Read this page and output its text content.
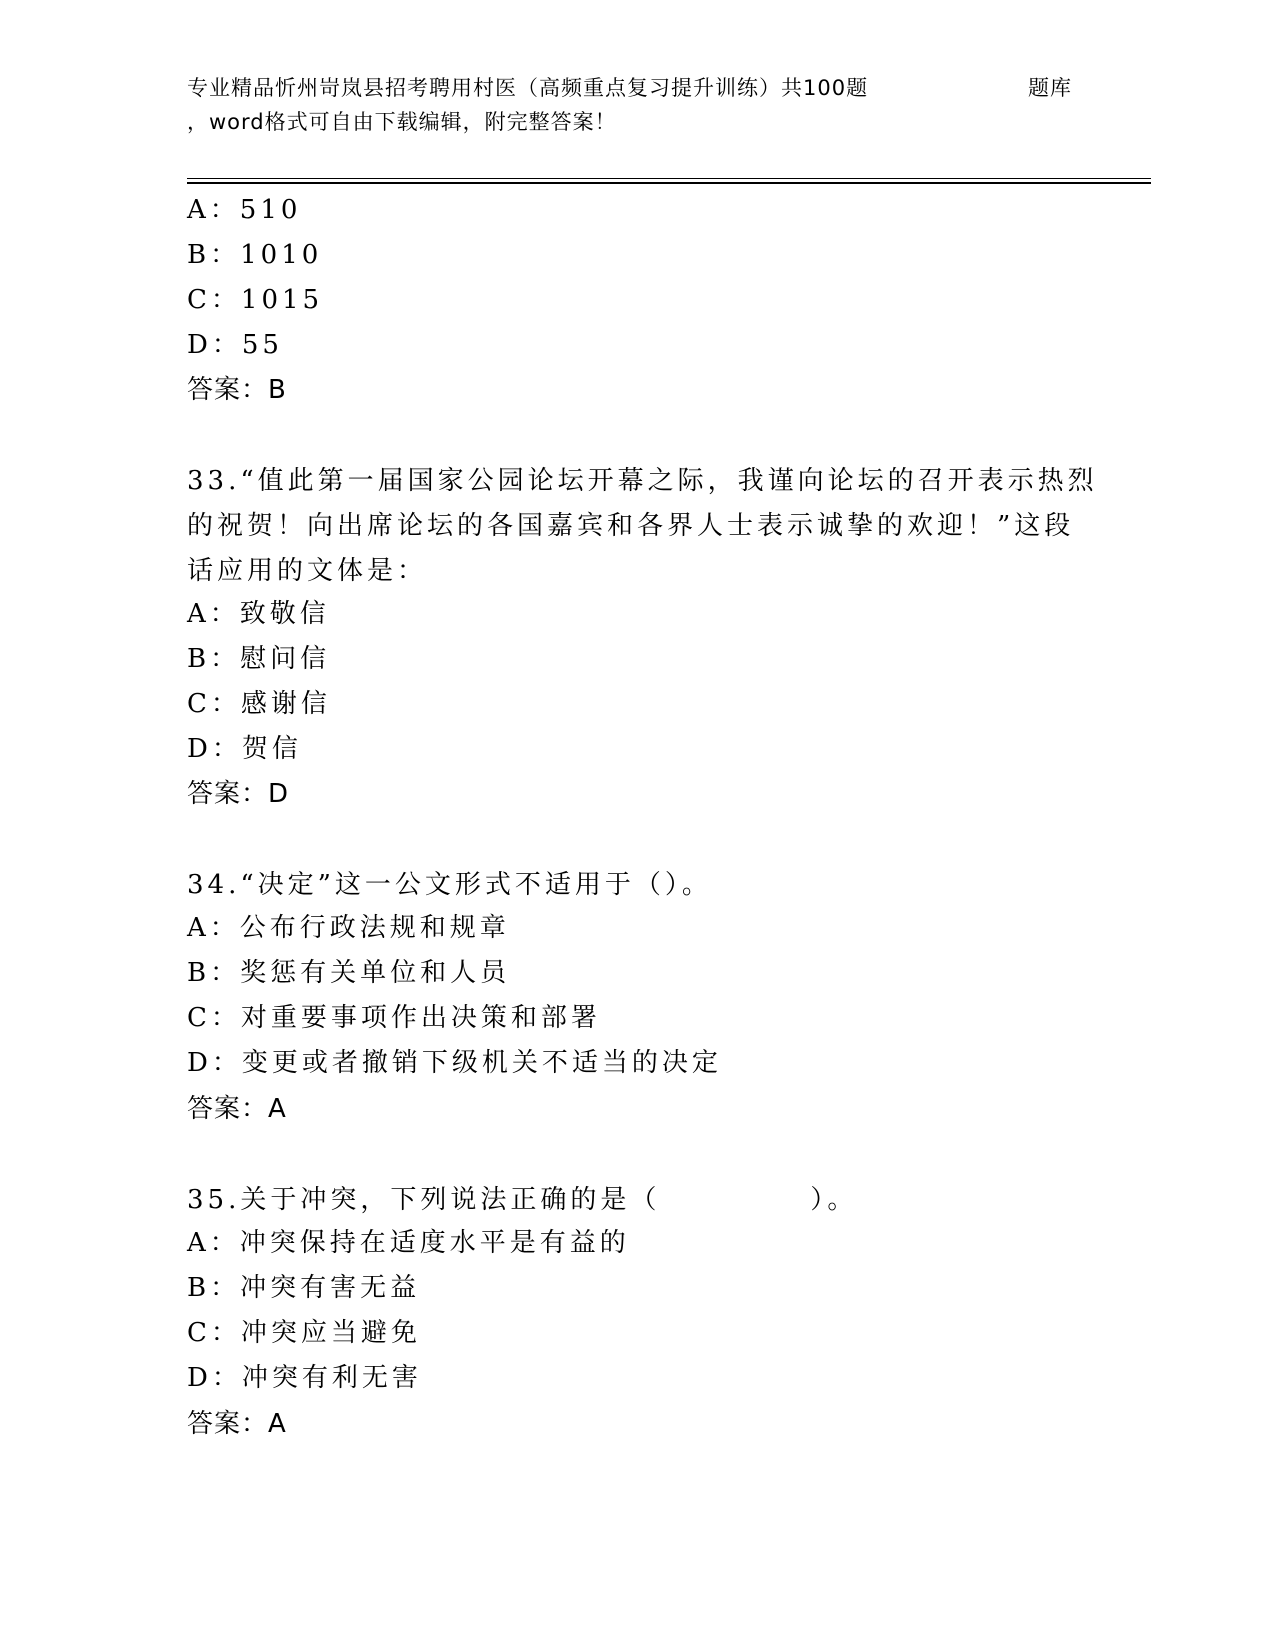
专业精品忻州岢岚县招考聘用村医（高频重点复习提升训练）共100题	题库
，word格式可自由下载编辑，附完整答案！
A：510
B：1010
C：1015
D：55
答案：B
33.“值此第一届国家公园论坛开幕之际，我谨向论坛的召开表示热烈
的祝贺！向出席论坛的各国嘉宾和各界人士表示诚挚的欢迎！”这段
话应用的文体是：
A：致敬信
B：慰问信
C：感谢信
D：贺信
答案：D
34.“决定”这一公文形式不适用于（）。
A：公布行政法规和规章
B：奖惩有关单位和人员
C：对重要事项作出决策和部署
D：变更或者撤销下级机关不适当的决定
答案：A
35.关于冲突，下列说法正确的是（　　　　　）。
A：冲突保持在适度水平是有益的
B：冲突有害无益
C：冲突应当避免
D：冲突有利无害
答案：A
